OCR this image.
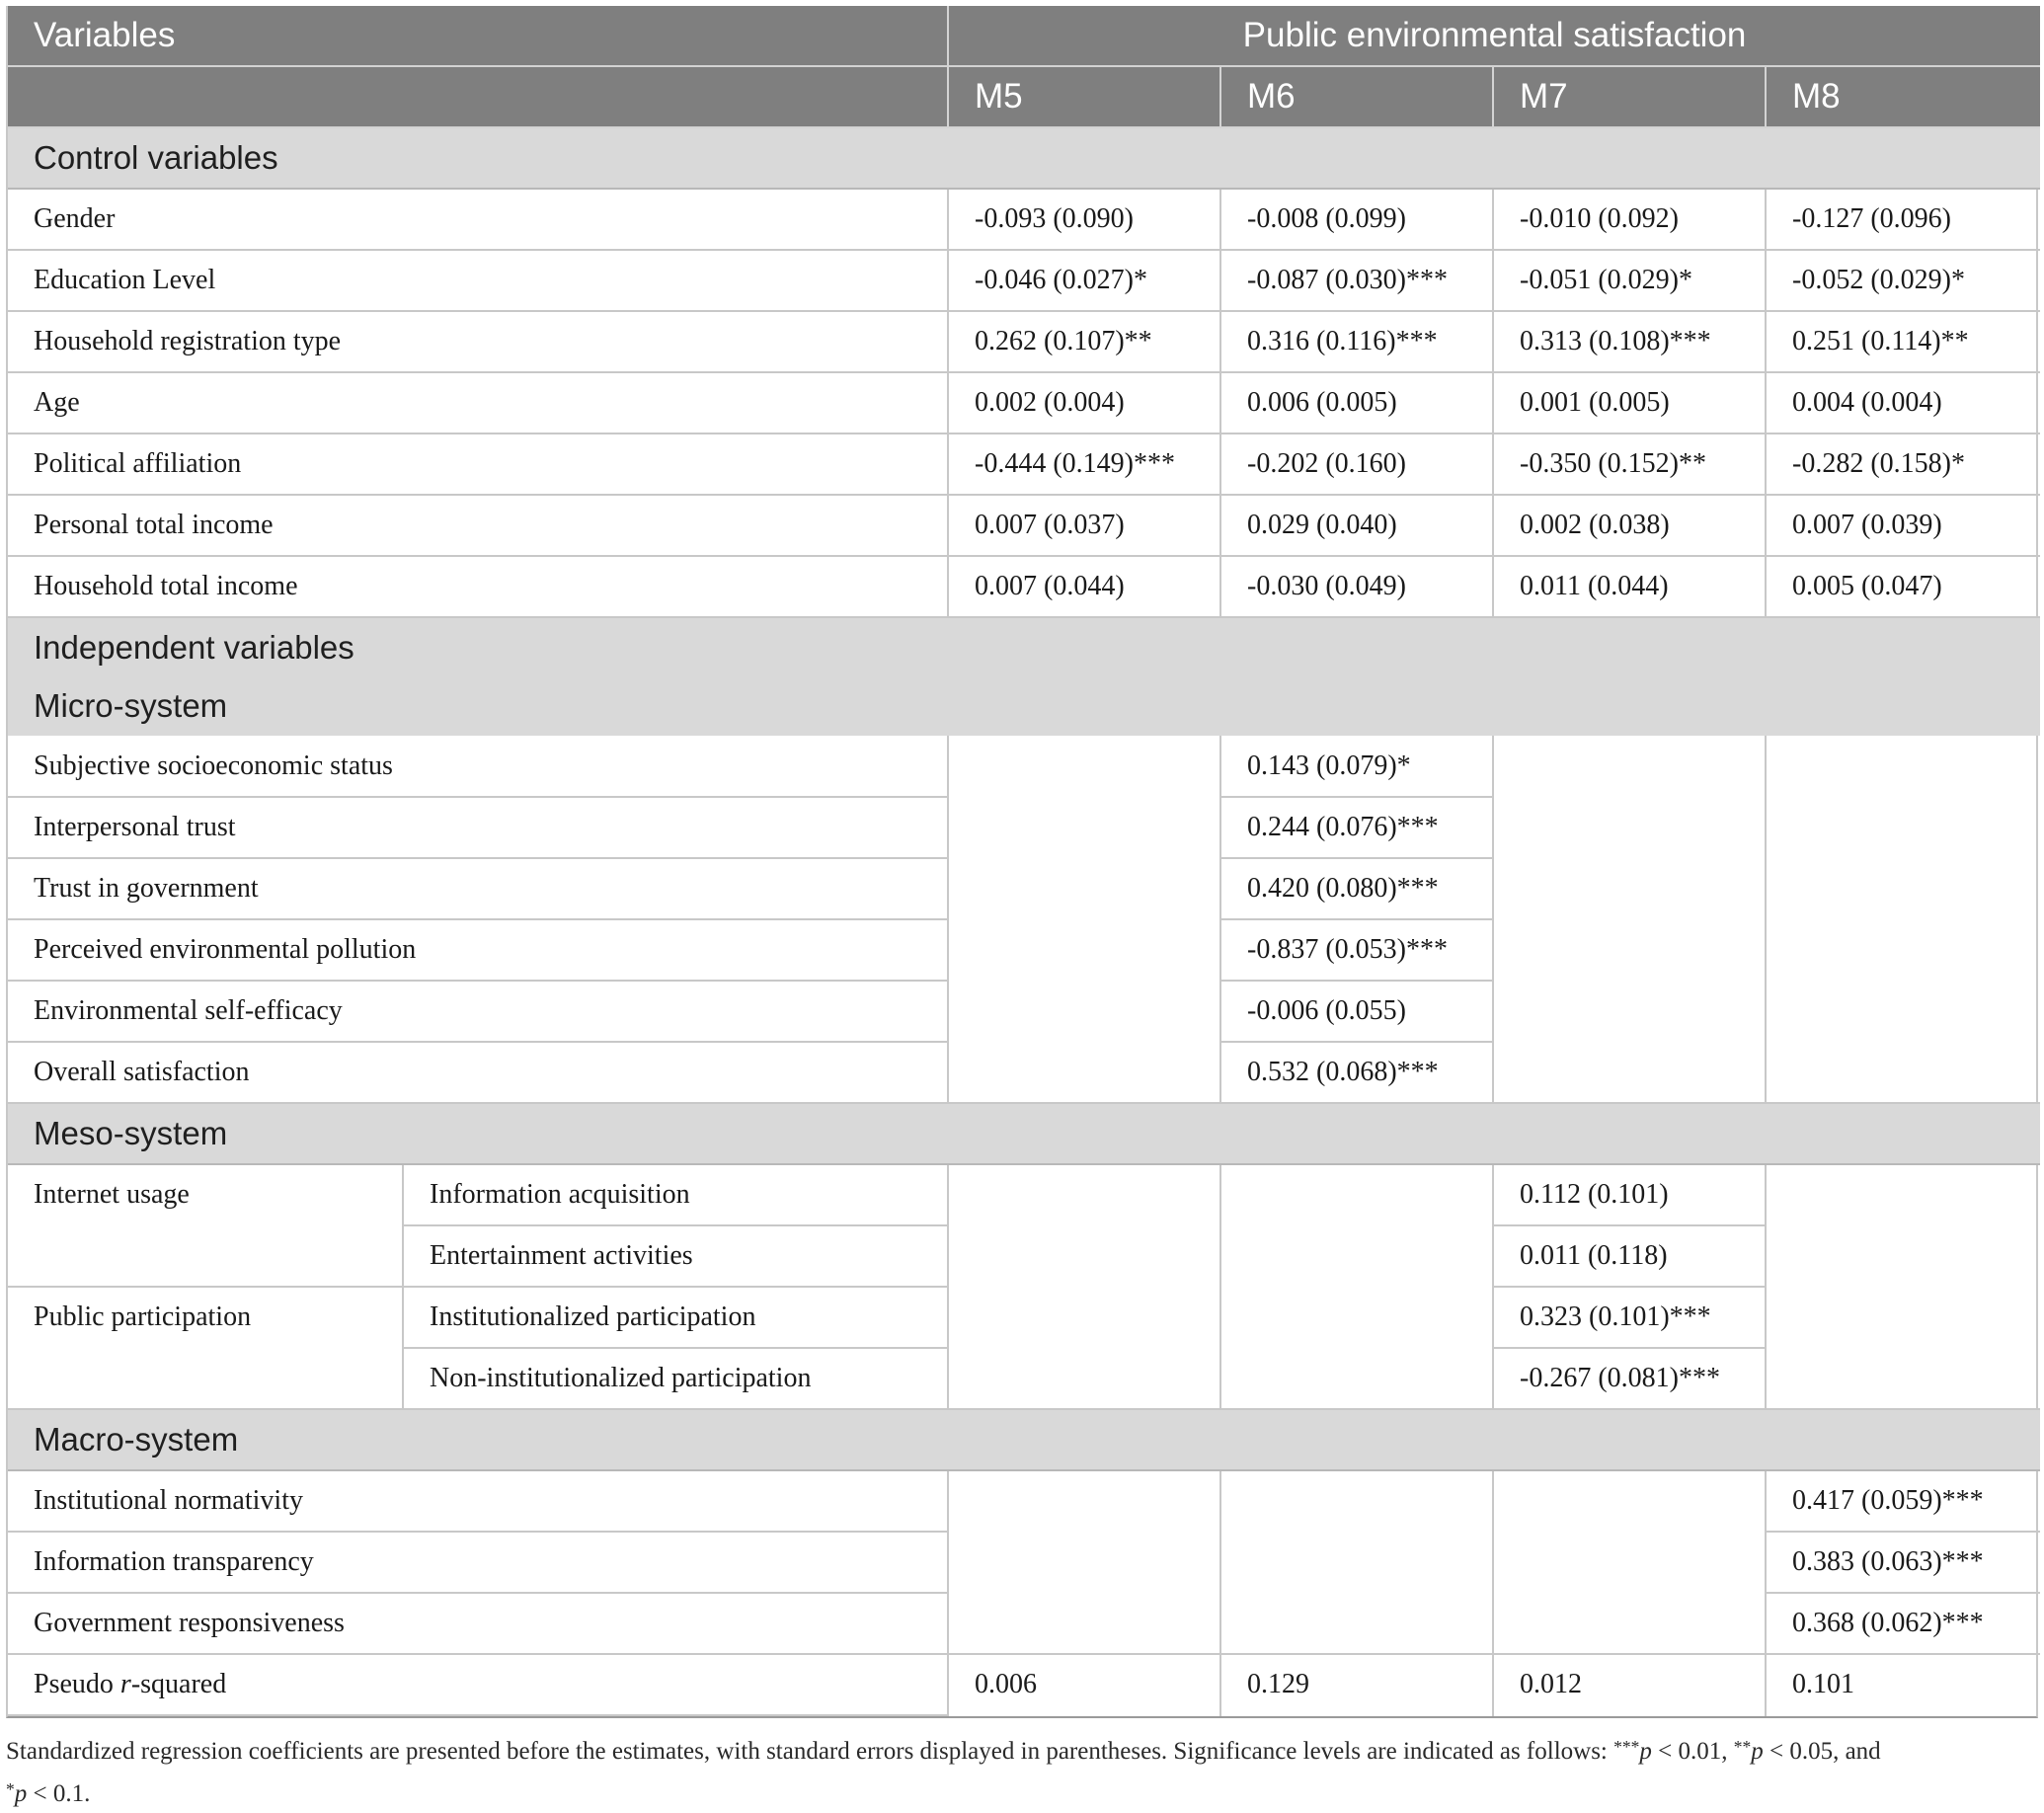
Variables		Public environmental satisfaction			
		M5	M6	M7	M8
Control variables					
Gender		-0.093 (0.090)	-0.008 (0.099)	-0.010 (0.092)	-0.127 (0.096)
Education Level		-0.046 (0.027)*	-0.087 (0.030)***	-0.051 (0.029)*	-0.052 (0.029)*
Household registration type		0.262 (0.107)**	0.316 (0.116)***	0.313 (0.108)***	0.251 (0.114)**
Age		0.002 (0.004)	0.006 (0.005)	0.001 (0.005)	0.004 (0.004)
Political affiliation		-0.444 (0.149)***	-0.202 (0.160)	-0.350 (0.152)**	-0.282 (0.158)*
Personal total income		0.007 (0.037)	0.029 (0.040)	0.002 (0.038)	0.007 (0.039)
Household total income		0.007 (0.044)	-0.030 (0.049)	0.011 (0.044)	0.005 (0.047)
Independent variables					
Micro-system					
Subjective socioeconomic status			0.143 (0.079)*		
Interpersonal trust			0.244 (0.076)***		
Trust in government			0.420 (0.080)***		
Perceived environmental pollution			-0.837 (0.053)***		
Environmental self-efficacy			-0.006 (0.055)		
Overall satisfaction			0.532 (0.068)***		
Meso-system					
Internet usage	Information acquisition			0.112 (0.101)	
	Entertainment activities			0.011 (0.118)	
Public participation	Institutionalized participation			0.323 (0.101)***	
	Non-institutionalized participation			-0.267 (0.081)***	
Macro-system					
Institutional normativity					0.417 (0.059)***
Information transparency					0.383 (0.063)***
Government responsiveness					0.368 (0.062)***
Pseudo r-squared		0.006	0.129	0.012	0.101
Standardized regression coefficients are presented before the estimates, with standard errors displayed in parentheses. Significance levels are indicated as follows: ***p < 0.01, **p < 0.05, and
*p < 0.1.
